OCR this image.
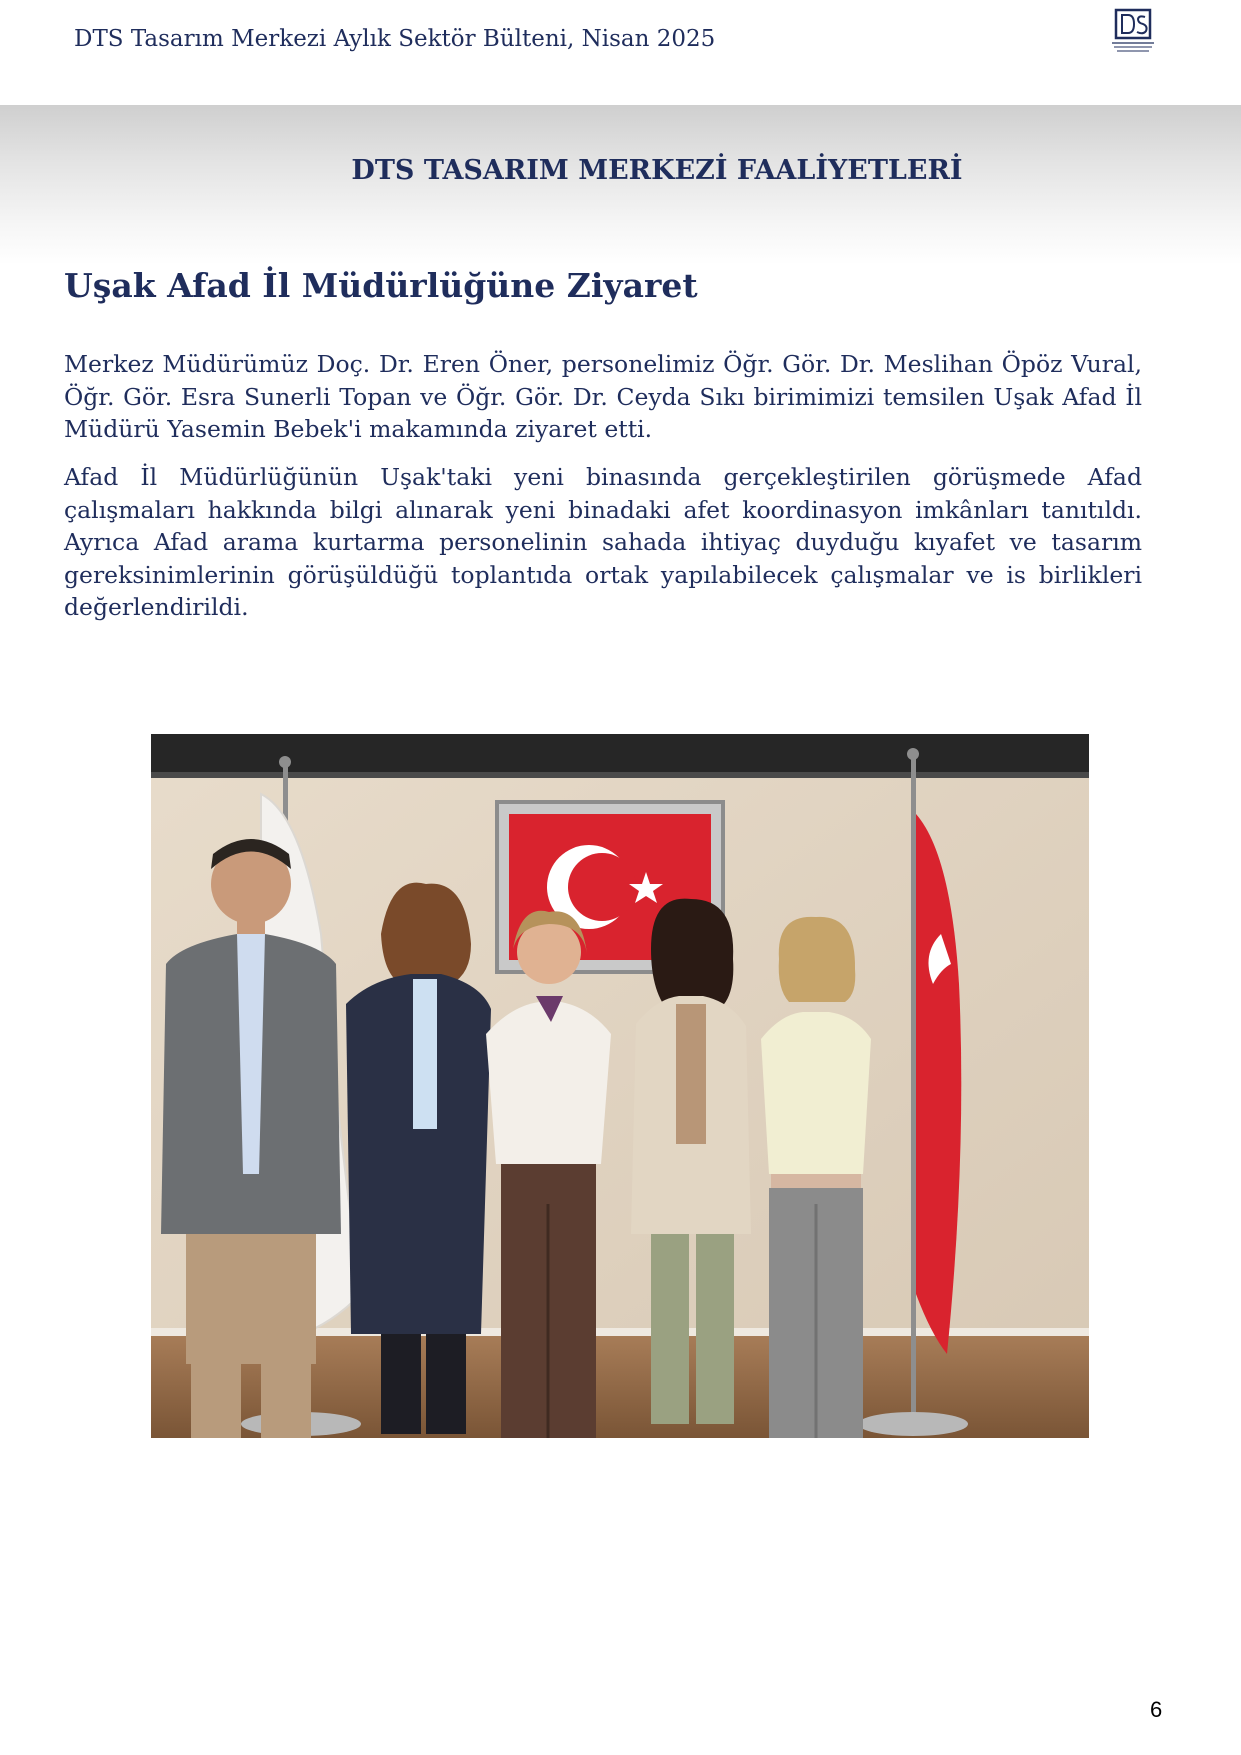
DTS Tasarım Merkezi Aylık Sektör Bülteni, Nisan 2025
DTS TASARIM MERKEZİ FAALİYETLERİ
Uşak Afad İl Müdürlüğüne Ziyaret

Merkez Müdürümüz Doç. Dr. Eren Öner, personelimiz Öğr. Gör. Dr. Meslihan Öpöz Vural, Öğr. Gör. Esra Sunerli Topan ve Öğr. Gör. Dr. Ceyda Sıkı birimimizi temsilen Uşak Afad İl Müdürü Yasemin Bebek'i makamında ziyaret etti.

Afad İl Müdürlüğünün Uşak'taki yeni binasında gerçekleştirilen görüşmede Afad çalışmaları hakkında bilgi alınarak yeni binadaki afet koordinasyon imkânları tanıtıldı. Ayrıca Afad arama kurtarma personelinin sahada ihtiyaç duyduğu kıyafet ve tasarım gereksinimlerinin görüşüldüğü toplantıda ortak yapılabilecek çalışmalar ve is birlikleri değerlendirildi.

6
